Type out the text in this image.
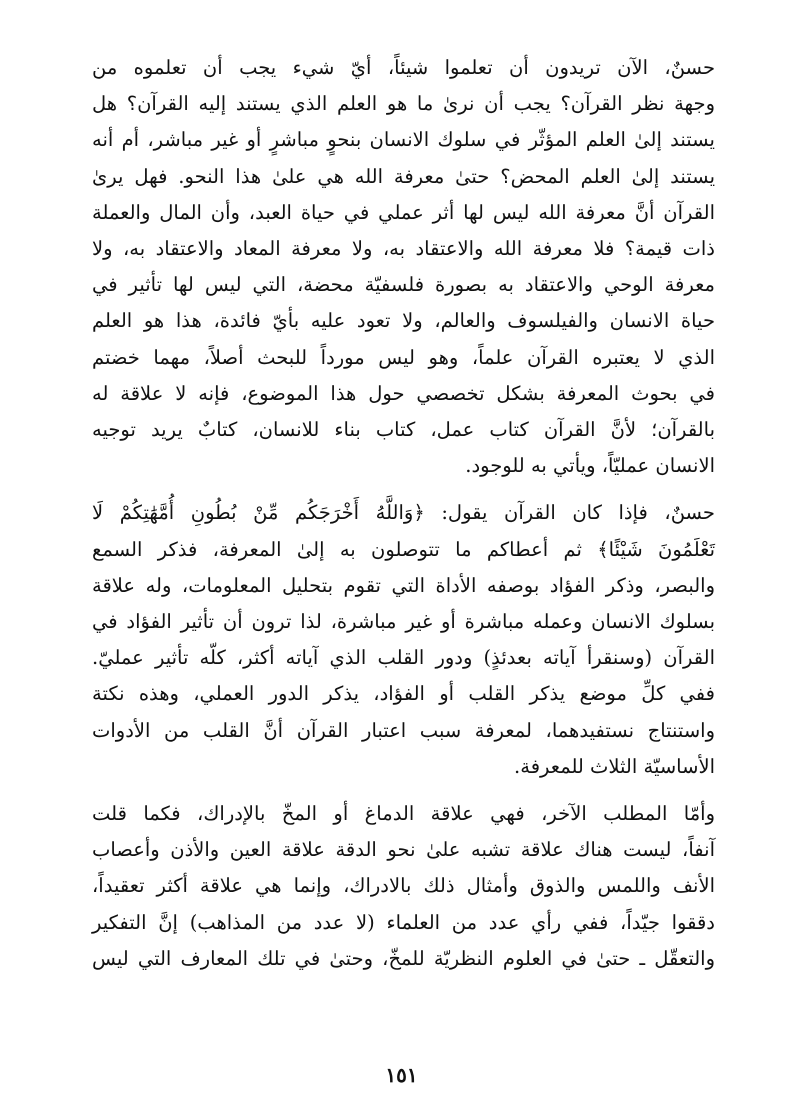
حسنٌ، الآن تريدون أن تعلموا شيئاً، أيّ شيء يجب أن تعلموه من
وجهة نظر القرآن؟ يجب أن نرىٰ ما هو العلم الذي يستند إليه القرآن؟ هل
يستند إلىٰ العلم المؤثّر في سلوك الانسان بنحوٍ مباشرٍ أو غير مباشر، أم أنه
يستند إلىٰ العلم المحض؟ حتىٰ معرفة الله هي علىٰ هذا النحو. فهل يرىٰ
القرآن أنَّ معرفة الله ليس لها أثر عملي في حياة العبد، وأن المال والعملة
ذات قيمة؟ فلا معرفة الله والاعتقاد به، ولا معرفة المعاد والاعتقاد به، ولا
معرفة الوحي والاعتقاد به بصورة فلسفيّة محضة، التي ليس لها تأثير في
حياة الانسان والفيلسوف والعالم، ولا تعود عليه بأيّ فائدة، هذا هو العلم
الذي لا يعتبره القرآن علماً، وهو ليس مورداً للبحث أصلاً، مهما خضتم
في بحوث المعرفة بشكل تخصصي حول هذا الموضوع، فإنه لا علاقة له
بالقرآن؛ لأنَّ القرآن كتاب عمل، كتاب بناء للانسان، كتابٌ يريد توجيه
الانسان عمليّاً، ويأتي به للوجود.

حسنٌ، فإذا كان القرآن يقول: ﴿وَاللَّهُ أَخْرَجَكُم مِّنْ بُطُونِ أُمَّهَٰتِكُمْ لَا
تَعْلَمُونَ شَيْئًا﴾ ثم أعطاكم ما تتوصلون به إلىٰ المعرفة، فذكر السمع
والبصر، وذكر الفؤاد بوصفه الأداة التي تقوم بتحليل المعلومات، وله علاقة
بسلوك الانسان وعمله مباشرة أو غير مباشرة، لذا ترون أن تأثير الفؤاد في
القرآن (وسنقرأ آياته بعدئذٍ) ودور القلب الذي آياته أكثر، كلّه تأثير عمليّ.
ففي كلِّ موضع يذكر القلب أو الفؤاد، يذكر الدور العملي، وهذه نكتة
واستنتاج نستفيدهما، لمعرفة سبب اعتبار القرآن أنَّ القلب من الأدوات
الأساسيّة الثلاث للمعرفة.

وأمّا المطلب الآخر، فهي علاقة الدماغ أو المخّ بالإدراك، فكما قلت
آنفاً، ليست هناك علاقة تشبه علىٰ نحو الدقة علاقة العين والأذن وأعصاب
الأنف واللمس والذوق وأمثال ذلك بالادراك، وإنما هي علاقة أكثر تعقيداً،
دققوا جيّداً، ففي رأي عدد من العلماء (لا عدد من المذاهب) إنَّ التفكير
والتعقّل ـ حتىٰ في العلوم النظريّة للمخّ، وحتىٰ في تلك المعارف التي ليس

١٥١
